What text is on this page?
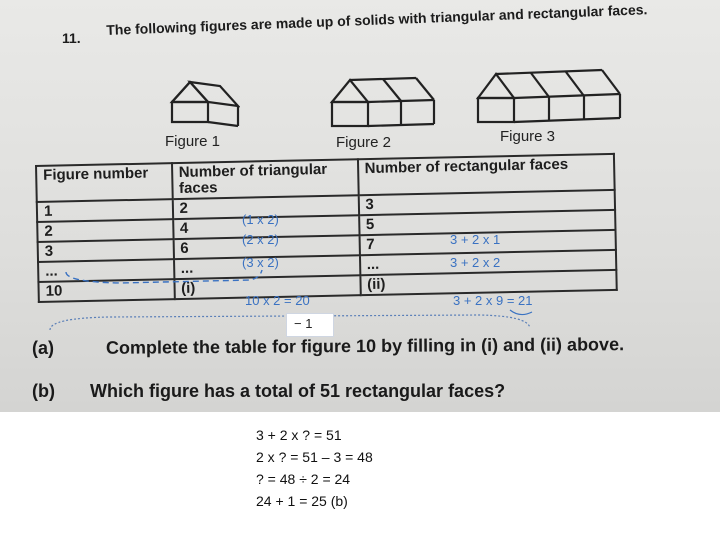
11.
The following figures are made up of solids with triangular and rectangular faces.
Figure 1	Figure 2	Figure 3
Figure number	Number of triangular faces	Number of rectangular faces
1	2	3
2	4	5
3	6	7
...	...	...
10	(i)	(ii)
(1 x 2)
(2 x 2)
(3 x 2)
10 x 2 = 20
3 + 2 x 1
3 + 2 x 2
3 + 2 x 9 = 21
− 1
(a)	Complete the table for figure 10 by filling in (i) and (ii) above.
(b) Which figure has a total of 51 rectangular faces?
3 + 2 x ? = 51
2 x ? = 51 – 3 = 48
? = 48 ÷ 2 = 24
24 + 1 = 25 (b)
